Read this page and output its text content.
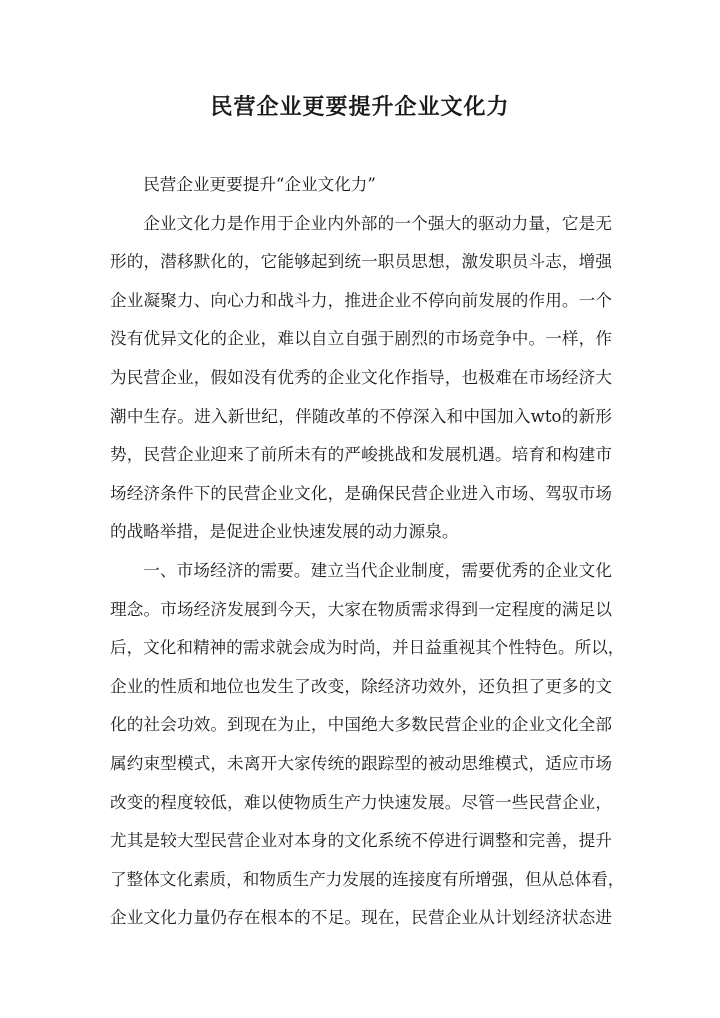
民营企业更要提升企业文化力
民营企业更要提升“企业文化力”
企业文化力是作用于企业内外部的一个强大的驱动力量，它是无
形的，潜移默化的，它能够起到统一职员思想，激发职员斗志，增强
企业凝聚力、向心力和战斗力，推进企业不停向前发展的作用。一个
没有优异文化的企业，难以自立自强于剧烈的市场竞争中。一样，作
为民营企业，假如没有优秀的企业文化作指导，也极难在市场经济大
潮中生存。进入新世纪，伴随改革的不停深入和中国加入wto的新形
势，民营企业迎来了前所未有的严峻挑战和发展机遇。培育和构建市
场经济条件下的民营企业文化，是确保民营企业进入市场、驾驭市场
的战略举措，是促进企业快速发展的动力源泉。
一、市场经济的需要。建立当代企业制度，需要优秀的企业文化
理念。市场经济发展到今天，大家在物质需求得到一定程度的满足以
后，文化和精神的需求就会成为时尚，并日益重视其个性特色。所以，
企业的性质和地位也发生了改变，除经济功效外，还负担了更多的文
化的社会功效。到现在为止，中国绝大多数民营企业的企业文化全部
属约束型模式，未离开大家传统的跟踪型的被动思维模式，适应市场
改变的程度较低，难以使物质生产力快速发展。尽管一些民营企业，
尤其是较大型民营企业对本身的文化系统不停进行调整和完善，提升
了整体文化素质，和物质生产力发展的连接度有所增强，但从总体看，
企业文化力量仍存在根本的不足。现在，民营企业从计划经济状态进
